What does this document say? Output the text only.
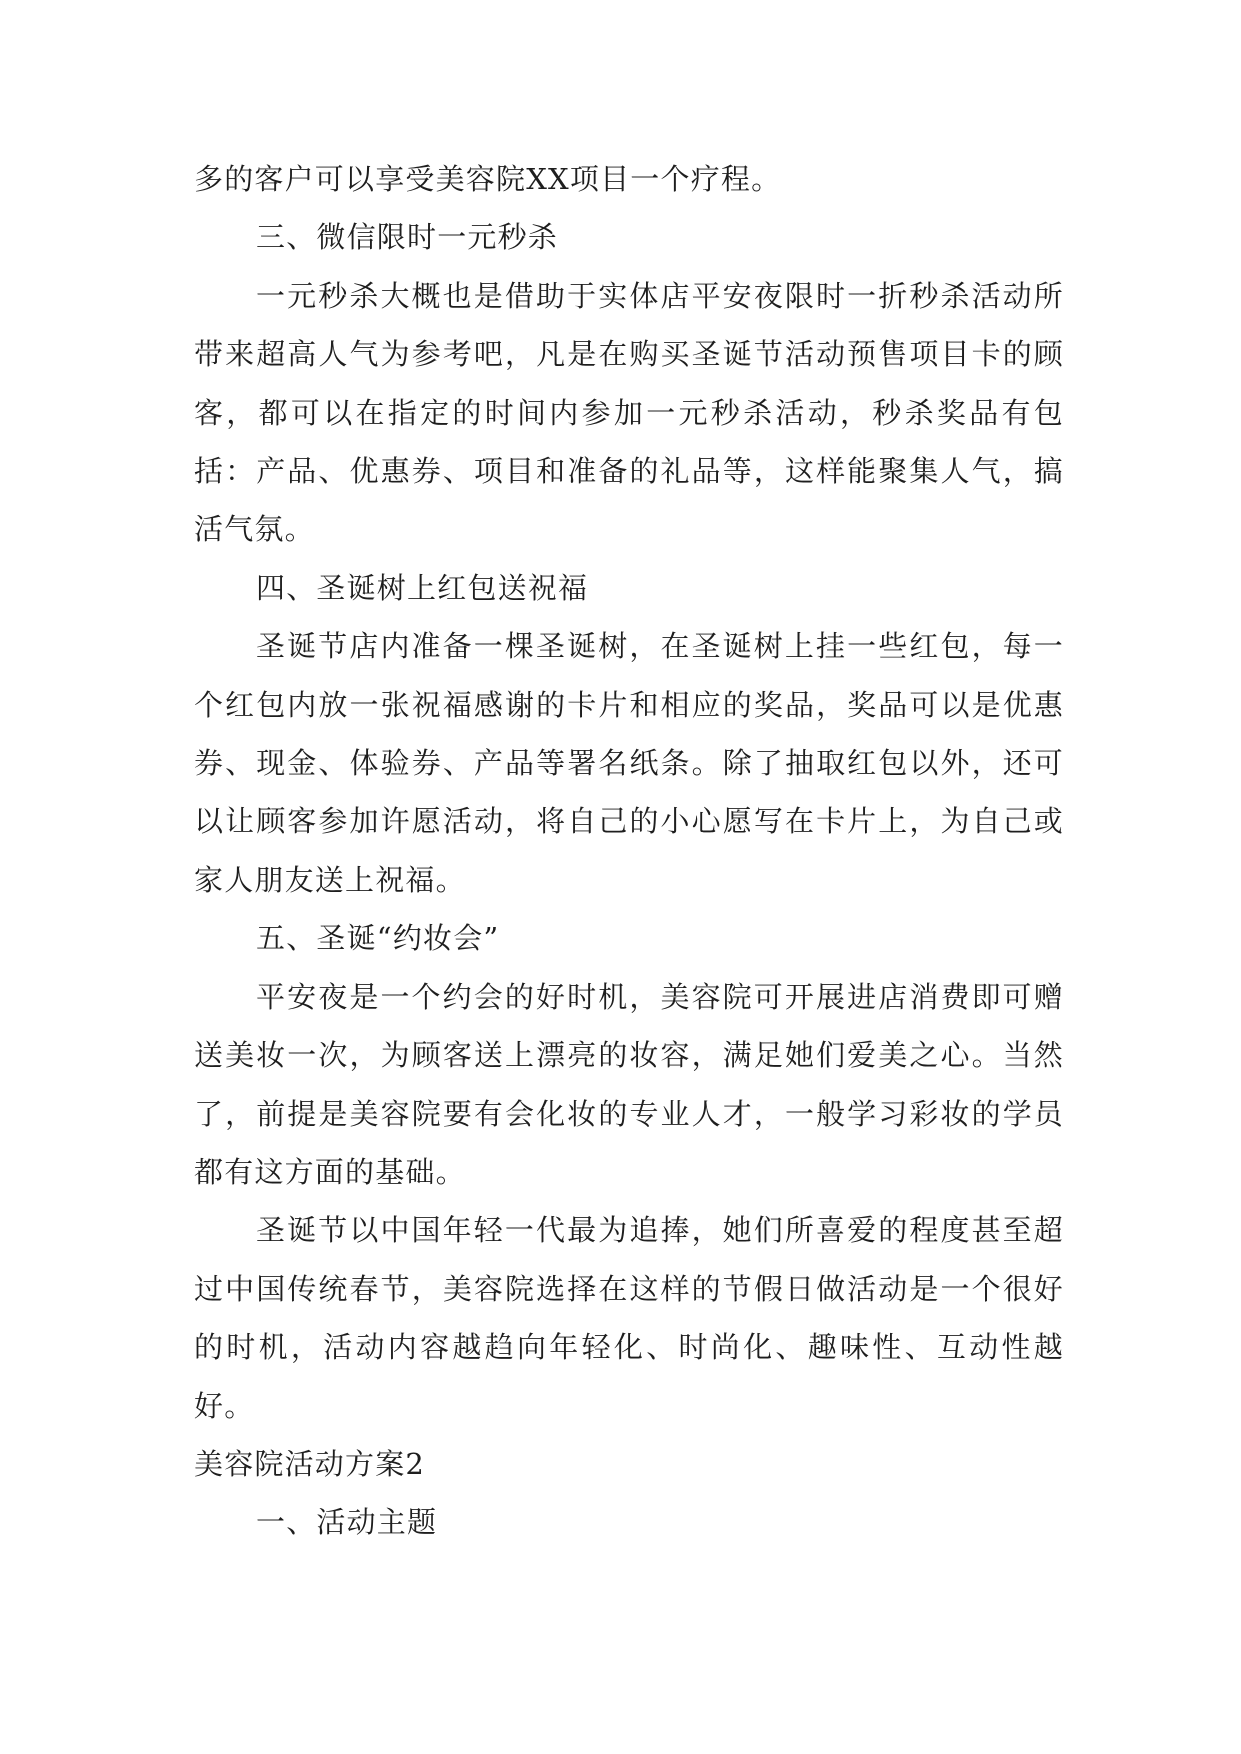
多的客户可以享受美容院XX项目一个疗程。

三、微信限时一元秒杀

一元秒杀大概也是借助于实体店平安夜限时一折秒杀活动所带来超高人气为参考吧，凡是在购买圣诞节活动预售项目卡的顾客，都可以在指定的时间内参加一元秒杀活动，秒杀奖品有包括：产品、优惠券、项目和准备的礼品等，这样能聚集人气，搞活气氛。

四、圣诞树上红包送祝福

圣诞节店内准备一棵圣诞树，在圣诞树上挂一些红包，每一个红包内放一张祝福感谢的卡片和相应的奖品，奖品可以是优惠券、现金、体验券、产品等署名纸条。除了抽取红包以外，还可以让顾客参加许愿活动，将自己的小心愿写在卡片上，为自己或家人朋友送上祝福。

五、圣诞“约妆会”

平安夜是一个约会的好时机，美容院可开展进店消费即可赠送美妆一次，为顾客送上漂亮的妆容，满足她们爱美之心。当然了，前提是美容院要有会化妆的专业人才，一般学习彩妆的学员都有这方面的基础。

圣诞节以中国年轻一代最为追捧，她们所喜爱的程度甚至超过中国传统春节，美容院选择在这样的节假日做活动是一个很好的时机，活动内容越趋向年轻化、时尚化、趣味性、互动性越好。

美容院活动方案2

一、活动主题
